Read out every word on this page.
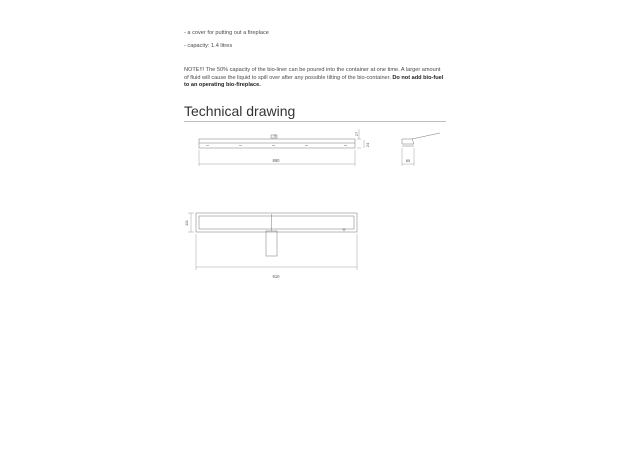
- a cover for putting out a fireplace
- capacity: 1.4 litres
NOTE!!! The 50% capacity of the bio-liner can be poured into the container at one time. A larger amount of fluid will cause the liquid to spill over after any possible tilting of the bio-container. Do not add bio-fuel to an operating bio-fireplace.
Technical drawing
X
860
27
24
85
111
910
